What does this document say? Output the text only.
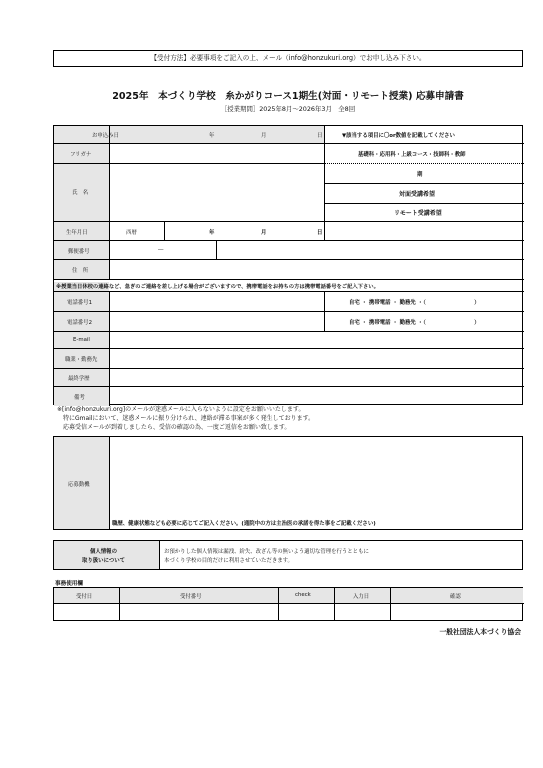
【受付方法】必要事項をご記入の上、メール（info@honzukuri.org）でお申し込み下さい。
2025年　本づくり学校　糸かがりコース1期生(対面・リモート授業) 応募申請書
［授業期間］2025年8月～2026年3月　全8回
お申込み日	年	月	日	▼該当する項目に〇or数値を記載してください
フリガナ	基礎科・応用科・上級コース・技師科・教師
氏　名
期
対面受講希望
リモート受講希望
生年月日	西暦	年	月	日
郵便番号	―
住　所
※授業当日休校の連絡など、急ぎのご連絡を差し上げる場合がございますので、携帯電話をお持ちの方は携帯電話番号をご記入下さい。
電話番号1	自宅 ・ 携帯電話 ・ 勤務先 ・（　　　　　　　　　）
電話番号2	自宅 ・ 携帯電話 ・ 勤務先 ・（　　　　　　　　　）
E-mail
職業・勤務先
最終学歴
備考
※[info@honzukuri.org]のメールが迷惑メールに入らないように設定をお願いいたします。
　特にGmailにおいて、迷惑メールに振り分けられ、連絡が滞る事案が多く発生しております。
　応募受信メールが到着しましたら、受信の確認の為、一度ご返信をお願い致します。
応募動機
職歴、健康状態なども必要に応じてご記入ください。(通院中の方は主治医の承諾を得た事をご記載ください)
個人情報の
取り扱いについて
お預かりした個人情報は漏洩、紛失、改ざん等の無いよう適切な管理を行うとともに
本づくり学校の目的だけに利用させていただきます。
事務使用欄
受付日	受付番号	check	入力日	確認
一般社団法人本づくり協会
